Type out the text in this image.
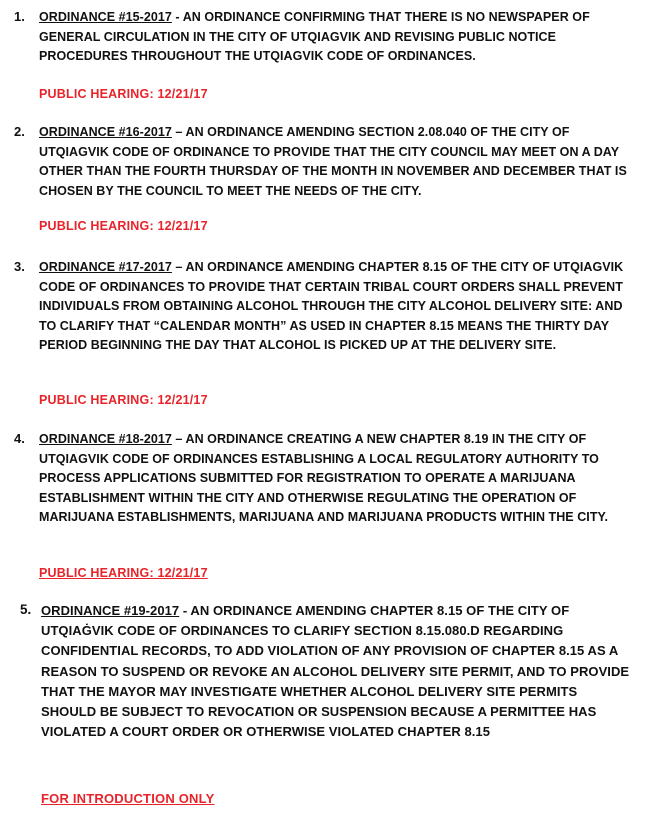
1. ORDINANCE #15-2017 - AN ORDINANCE CONFIRMING THAT THERE IS NO NEWSPAPER OF GENERAL CIRCULATION IN THE CITY OF UTQIAGVIK AND REVISING PUBLIC NOTICE PROCEDURES THROUGHOUT THE UTQIAGVIK CODE OF ORDINANCES.
PUBLIC HEARING: 12/21/17
2. ORDINANCE #16-2017 – AN ORDINANCE AMENDING SECTION 2.08.040 OF THE CITY OF UTQIAGVIK CODE OF ORDINANCE TO PROVIDE THAT THE CITY COUNCIL MAY MEET ON A DAY OTHER THAN THE FOURTH THURSDAY OF THE MONTH IN NOVEMBER AND DECEMBER THAT IS CHOSEN BY THE COUNCIL TO MEET THE NEEDS OF THE CITY.
PUBLIC HEARING: 12/21/17
3. ORDINANCE #17-2017 – AN ORDINANCE AMENDING CHAPTER 8.15 OF THE CITY OF UTQIAGVIK CODE OF ORDINANCES TO PROVIDE THAT CERTAIN TRIBAL COURT ORDERS SHALL PREVENT INDIVIDUALS FROM OBTAINING ALCOHOL THROUGH THE CITY ALCOHOL DELIVERY SITE: AND TO CLARIFY THAT “CALENDAR MONTH” AS USED IN CHAPTER 8.15 MEANS THE THIRTY DAY PERIOD BEGINNING THE DAY THAT ALCOHOL IS PICKED UP AT THE DELIVERY SITE.
PUBLIC HEARING: 12/21/17
4. ORDINANCE #18-2017 – AN ORDINANCE CREATING A NEW CHAPTER 8.19 IN THE CITY OF UTQIAGVIK CODE OF ORDINANCES ESTABLISHING A LOCAL REGULATORY AUTHORITY TO PROCESS APPLICATIONS SUBMITTED FOR REGISTRATION TO OPERATE A MARIJUANA ESTABLISHMENT WITHIN THE CITY AND OTHERWISE REGULATING THE OPERATION OF MARIJUANA ESTABLISHMENTS, MARIJUANA AND MARIJUANA PRODUCTS WITHIN THE CITY.
PUBLIC HEARING: 12/21/17
5. ORDINANCE #19-2017 - AN ORDINANCE AMENDING CHAPTER 8.15 OF THE CITY OF UTQIAĠVIK CODE OF ORDINANCES TO CLARIFY SECTION 8.15.080.D REGARDING CONFIDENTIAL RECORDS, TO ADD VIOLATION OF ANY PROVISION OF CHAPTER 8.15 AS A REASON TO SUSPEND OR REVOKE AN ALCOHOL DELIVERY SITE PERMIT, AND TO PROVIDE THAT THE MAYOR MAY INVESTIGATE WHETHER ALCOHOL DELIVERY SITE PERMITS SHOULD BE SUBJECT TO REVOCATION OR SUSPENSION BECAUSE A PERMITTEE HAS VIOLATED A COURT ORDER OR OTHERWISE VIOLATED CHAPTER 8.15
FOR INTRODUCTION ONLY
